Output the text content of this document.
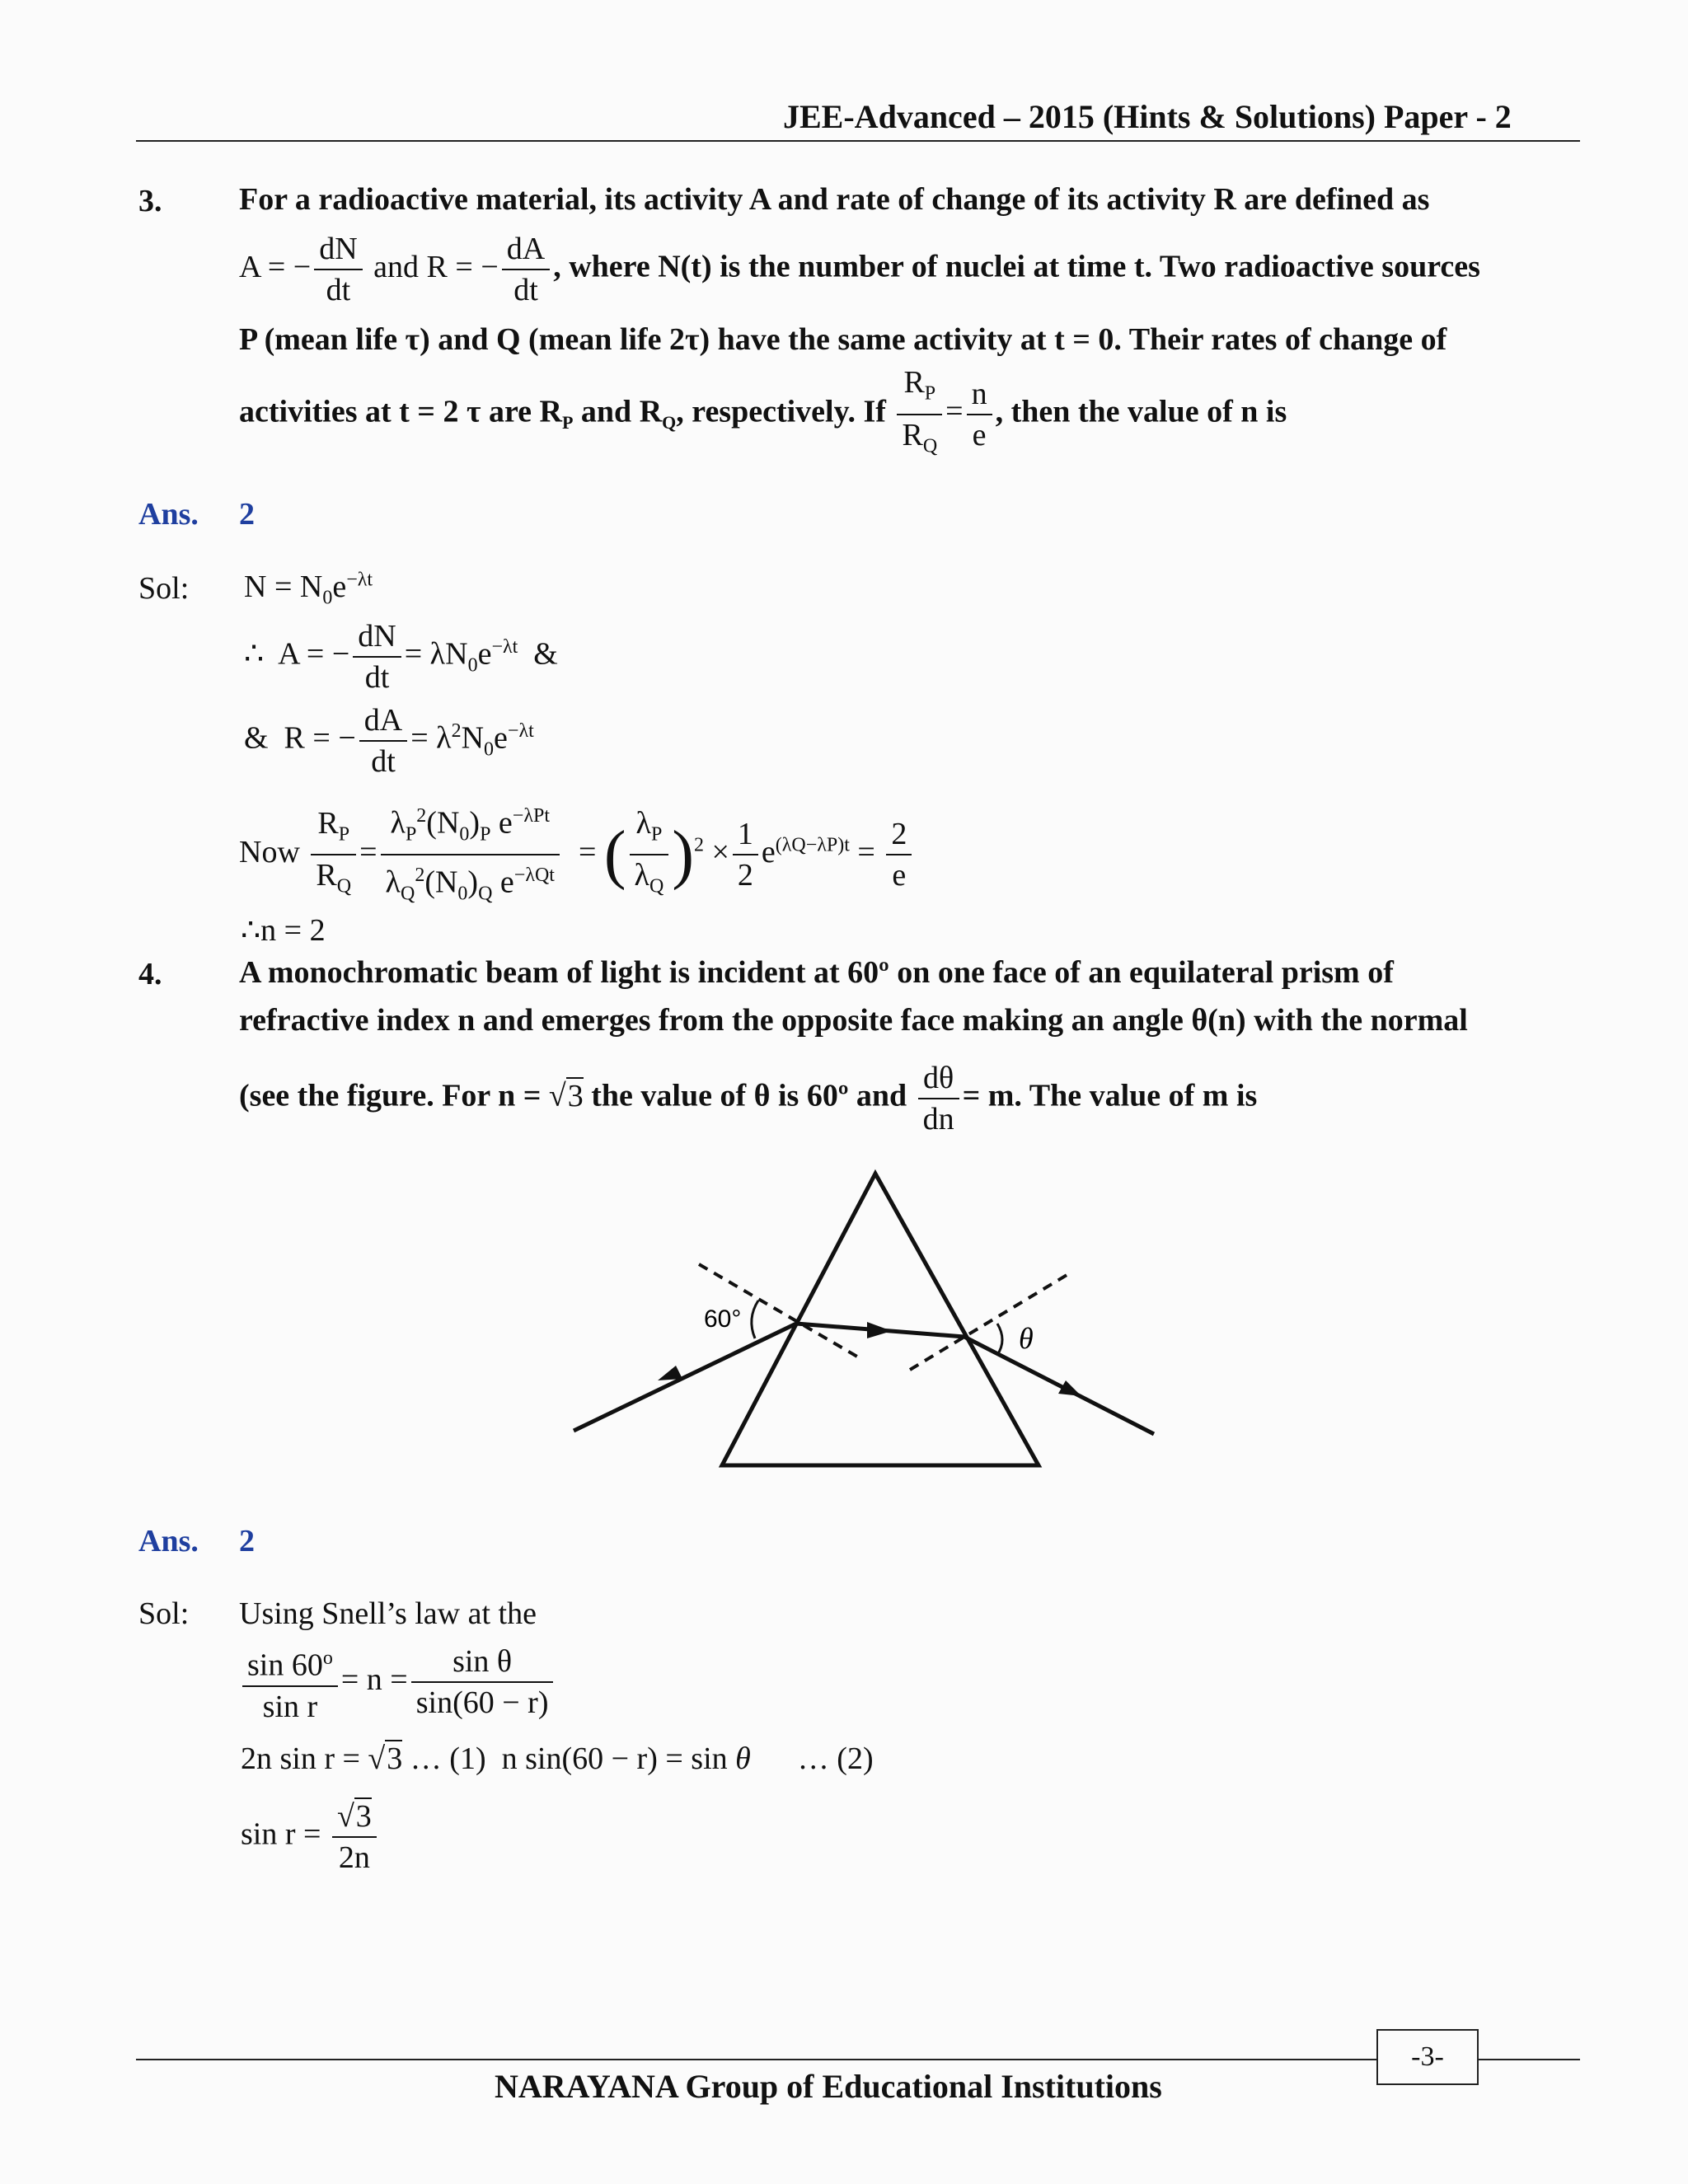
JEE-Advanced – 2015 (Hints & Solutions) Paper - 2
3. For a radioactive material, its activity A and rate of change of its activity R are defined as
A = − $\frac{dN}{dt}$ and R = − $\frac{dA}{dt}$ , where N(t) is the number of nuclei at time t. Two radioactive sources
P (mean life τ) and Q (mean life 2τ) have the same activity at t = 0. Their rates of change of
activities at t = 2 τ are $R_P$ and $R_Q$, respectively. If $\frac{R_P}{R_Q} = \frac{n}{e}$ , then the value of n is
Ans. 2
Sol: $N = N_0e^{-\lambda t}$
∴  A = − $\frac{dN}{dt} = \lambda N_0e^{-\lambda t}$  &
&  R = − $\frac{dA}{dt} = \lambda^2N_0e^{-\lambda t}$
Now $\frac{R_P}{R_Q}$ =
$\lambda_P^2(N_0)_P$ $e^{-\lambda Pt}$
$\lambda_Q^2(N_0)_Q$ $e^{-\lambda Qt}$
= ( $\frac{\lambda_P}{\lambda_Q} )^2 \times \frac{1}{2} e^{(\lambda Q-\lambda P)t} = \frac{2}{e}$
∴n = 2
4. A monochromatic beam of light is incident at 60º on one face of an equilateral prism of
refractive index n and emerges from the opposite face making an angle θ(n) with the normal
(see the figure. For n = √3 the value of θ is 60º and $\frac{d\theta}{dn} = m$. The value of m is
60°
θ
Ans. 2
Sol: Using Snell’s law at the
$\frac{\sin 60^o}{\text{sin r}} = n = \frac{\text{sin θ}}{\sin(60 - r)}$
2n sin r = √3 … (1)  n sin(60 − r) = sin θ      … (2)
$\sin r = \frac{√3}{2n}$
-3-
NARAYANA Group of Educational Institutions
